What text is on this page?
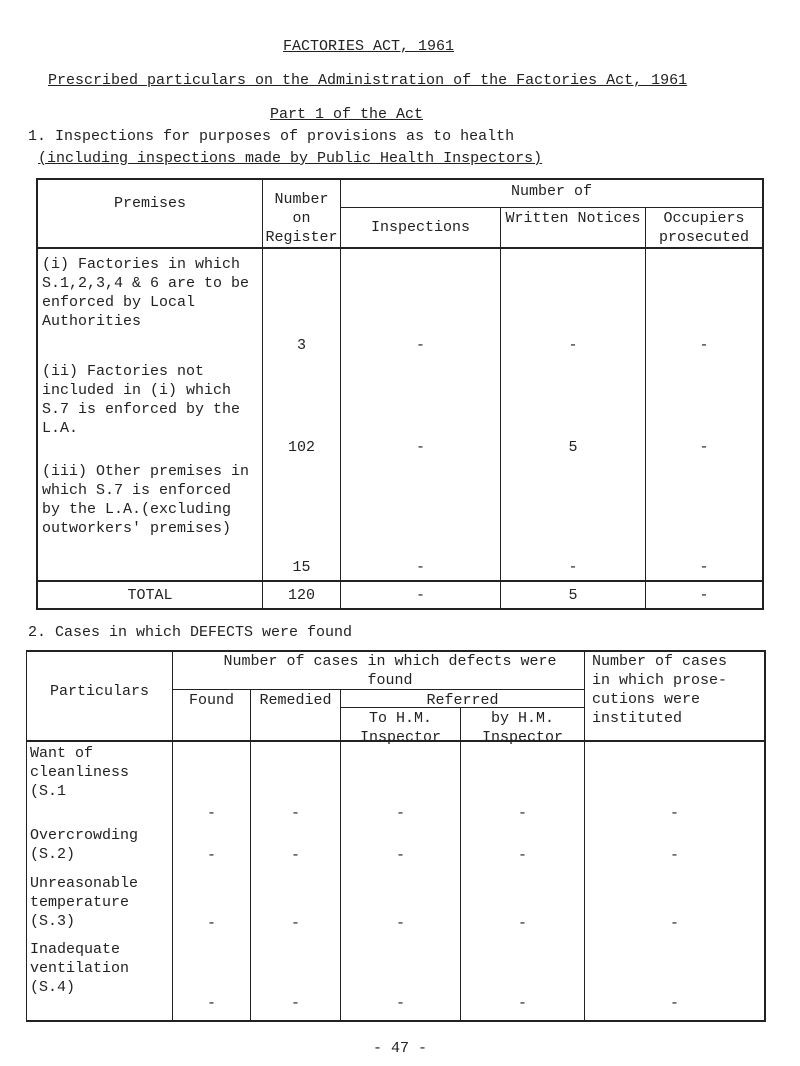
FACTORIES ACT, 1961
Prescribed particulars on the Administration of the Factories Act, 1961
Part 1 of the Act
1. Inspections for purposes of provisions as to health
(including inspections made by Public Health Inspectors)
Premises	Number on Register
Number of
Inspections
Written Notices	Occupiers prosecuted
(i) Factories in which S.1,2,3,4 & 6 are to be enforced by Local Authorities
3	-	-	-
(ii) Factories not included in (i) which S.7 is enforced by the L.A.
102	-	5	-
(iii) Other premises in which S.7 is enforced by the L.A.(excluding outworkers' premises)
15	-	-	-
TOTAL	120	-	5	-
2. Cases in which DEFECTS were found
Particulars
Number of cases in which defects were found
Found	Remedied	Referred
To H.M. Inspector
by H.M. Inspector
Number of cases in which prose- cutions were instituted
Want of cleanliness (S.1
-	-	-	-	-
Overcrowding (S.2)	-	-	-	-	-
Unreasonable temperature (S.3)	-	-	-	-	-
Inadequate ventilation (S.4)
-	-	-	-	-
- 47 -
